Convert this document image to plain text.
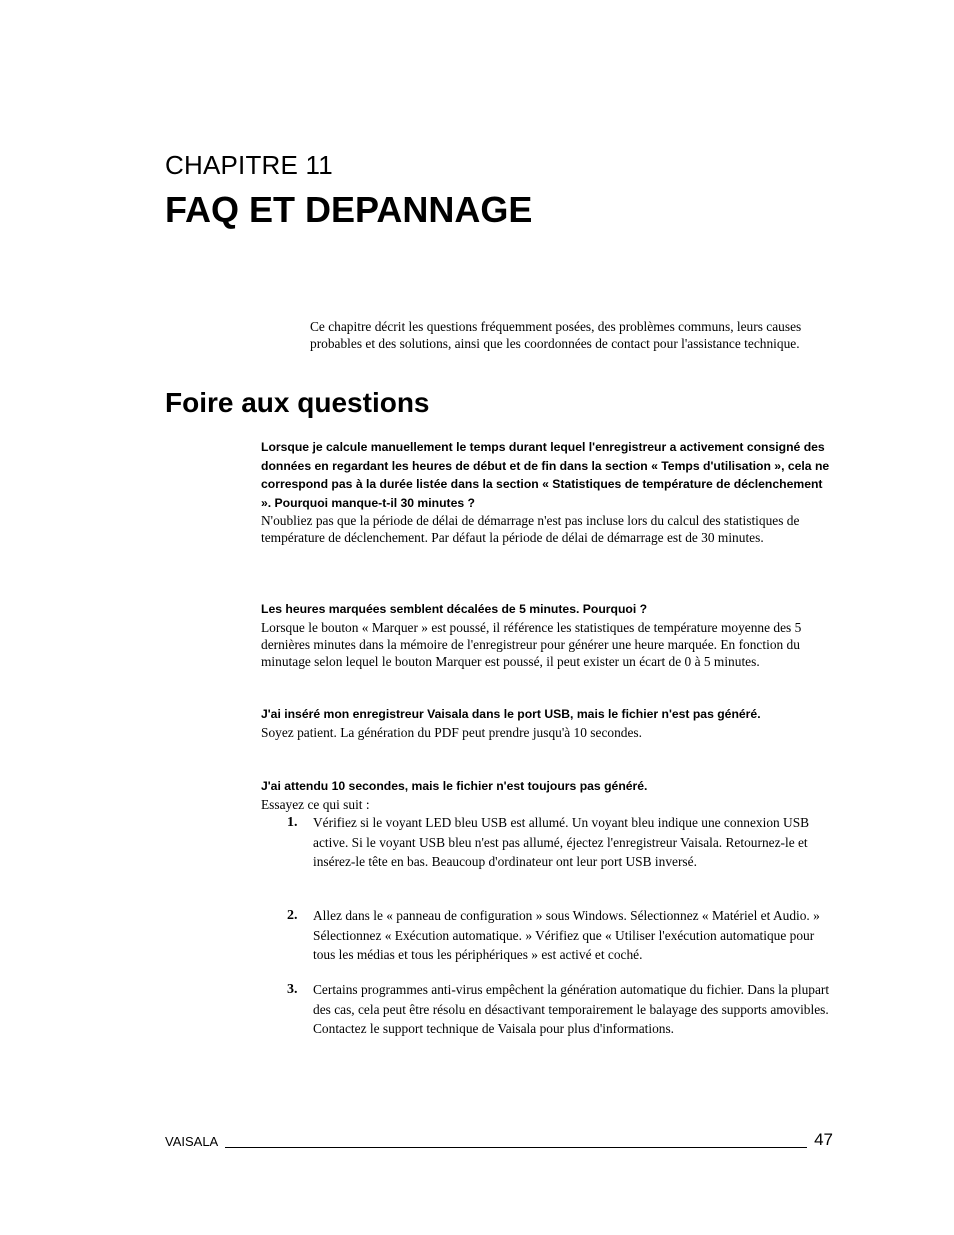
CHAPITRE 11
FAQ ET DEPANNAGE

Ce chapitre décrit les questions fréquemment posées, des problèmes communs, leurs causes probables et des solutions, ainsi que les coordonnées de contact pour l'assistance technique.

Foire aux questions
Lorsque je calcule manuellement le temps durant lequel l'enregistreur a activement consigné des données en regardant les heures de début et de fin dans la section « Temps d'utilisation », cela ne correspond pas à la durée listée dans la section « Statistiques de température de déclenchement ». Pourquoi manque-t-il 30 minutes ?
N'oubliez pas que la période de délai de démarrage n'est pas incluse lors du calcul des statistiques de température de déclenchement. Par défaut la période de délai de démarrage est de 30 minutes.
Les heures marquées semblent décalées de 5 minutes. Pourquoi ?
Lorsque le bouton « Marquer » est poussé, il référence les statistiques de température moyenne des 5 dernières minutes dans la mémoire de l'enregistreur pour générer une heure marquée. En fonction du minutage selon lequel le bouton Marquer est poussé, il peut exister un écart de 0 à 5 minutes.
J'ai inséré mon enregistreur Vaisala dans le port USB, mais le fichier n'est pas généré.
Soyez patient. La génération du PDF peut prendre jusqu'à 10 secondes.
J'ai attendu 10 secondes, mais le fichier n'est toujours pas généré.
Essayez ce qui suit :
1. Vérifiez si le voyant LED bleu USB est allumé. Un voyant bleu indique une connexion USB active. Si le voyant USB bleu n'est pas allumé, éjectez l'enregistreur Vaisala. Retournez-le et insérez-le tête en bas. Beaucoup d'ordinateur ont leur port USB inversé.
2. Allez dans le « panneau de configuration » sous Windows. Sélectionnez « Matériel et Audio. » Sélectionnez « Exécution automatique. » Vérifiez que « Utiliser l'exécution automatique pour tous les médias et tous les périphériques » est activé et coché.
3. Certains programmes anti-virus empêchent la génération automatique du fichier. Dans la plupart des cas, cela peut être résolu en désactivant temporairement le balayage des supports amovibles. Contactez le support technique de Vaisala pour plus d'informations.
VAISALA	47
